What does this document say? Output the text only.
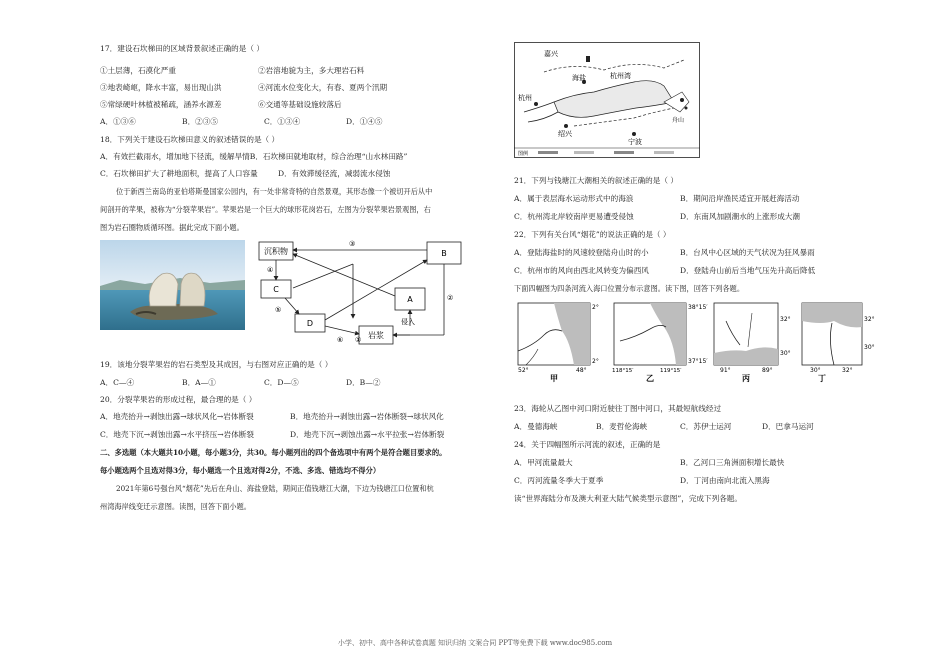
17．建设石坎梯田的区域背景叙述正确的是（ ）
①土层薄，石漠化严重	②岩溶地貌为主，多大理岩石料
③地表崎岖，降水丰富，易出现山洪	④河流水位变化大，有春、夏两个汛期
⑤常绿硬叶林植被稀疏，涵养水源差	⑥交通等基础设施较落后
A．①③⑥	B．②③⑤	C．①③④	D．①④⑤
18．下列关于建设石坎梯田意义的叙述错误的是（ ）
A．有效拦截雨水，增加地下径流，缓解旱情B．石坎梯田就地取材，综合治理“山水林田路”
C．石坎梯田扩大了耕地面积，提高了人口容量	D．有效滞缓径流，减弱流水侵蚀
位于新西兰南岛的亚伯塔斯曼国家公园内，有一处非常奇特的自然景观，其形态像一个被切开后从中
间剖开的苹果，被称为“分裂苹果岩”。苹果岩是一个巨大的球形花岗岩石，左图为分裂苹果岩景观图，右
图为岩石圈物质循环图。据此完成下面小题。
沉积物
C
D
B
A
岩浆
侵入
④
③
②
①
⑤
⑥
19．该地分裂苹果岩的岩石类型及其成因，与右图对应正确的是（ ）
A．C—④	B．A—①	C．D—⑤	D．B—②
20．分裂苹果岩的形成过程，最合理的是（ ）
A．地壳抬升→剥蚀出露→球状风化→岩体断裂	B．地壳抬升→剥蚀出露→岩体断裂→球状风化
C．地壳下沉→剥蚀出露→水平挤压→岩体断裂	D．地壳下沉→剥蚀出露→水平拉张→岩体断裂
二、多选题（本大题共10小题，每小题3分，共30。每小题列出的四个备选项中有两个是符合题目要求的。
每小题选两个且选对得3分，每小题选一个且选对得2分，不选、多选、错选均不得分）
2021年第6号强台风“烟花”先后在舟山、海盐登陆，期间正值钱塘江大潮，下边为钱塘江口位置和杭
州湾海岸线变迁示意图。读图，回答下面小题。
嘉兴
海盐	杭州湾
杭州
绍兴
宁波
舟山
图例
21．下列与钱塘江大潮相关的叙述正确的是（ ）
A．属于表层海水运动形式中的海浪	B．期间沿岸渔民适宜开展赶海活动
C．杭州湾北岸较南岸更易遭受侵蚀	D．东南风加剧潮水的上涨形成大潮
22．下列有关台风“烟花”的说法正确的是（ ）
A．登陆海盐时的风速较登陆舟山时的小	B．台风中心区域的天气状况为狂风暴雨
C．杭州市的风向由西北风转变为偏西风	D．登陆舟山前后当地气压先升高后降低
下面四幅图为四条河流入海口位置分布示意图。读下图，回答下列各题。
2°
2°
52°	48°
甲
38°15′
37°15′
118°15′	119°15′
乙
32°
30°
91°	89°
丙
32°
30°
30°	32°
丁
23．海轮从乙图中河口附近驶往丁图中河口，其最短航线经过
A．曼德海峡	B．麦哲伦海峡	C．苏伊士运河	D．巴拿马运河
24．关于四幅图所示河流的叙述，正确的是
A．甲河流量最大	B．乙河口三角洲面积增长最快
C．丙河流量冬季大于夏季	D．丁河由南向北流入黑海
读“世界海陆分布及澳大利亚大陆气候类型示意图”，完成下列各题。
小学、初中、高中各种试卷真题 知识归纳 文案合同 PPT等免费下载 www.doc985.com
